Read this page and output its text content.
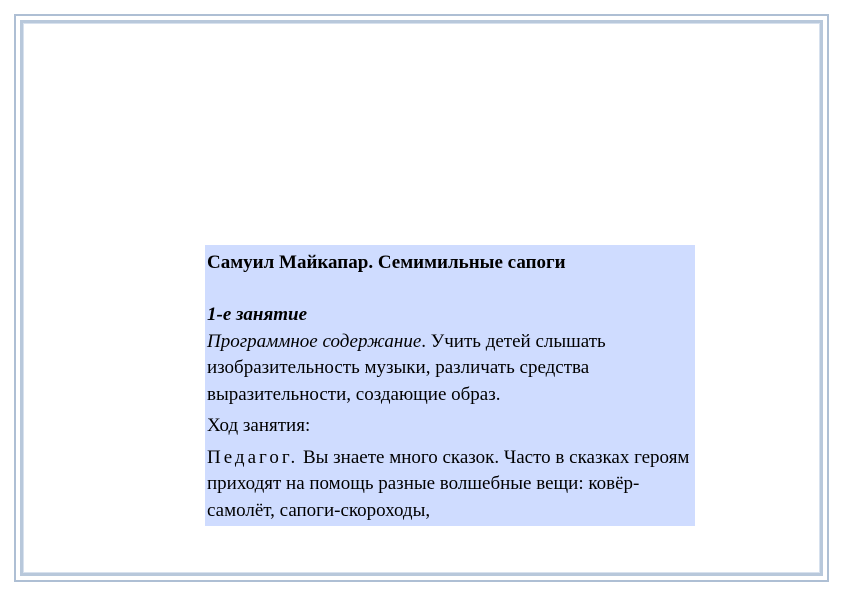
Самуил Майкапар. Семимильные сапоги

1-е занятие

Программное содержание. Учить детей слышать изобразительность музыки, различать средства выразительности, создающие образ.

Ход занятия:

Педагог. Вы знаете много сказок. Часто в сказках героям приходят на помощь разные волшебные вещи: ковёр-самолёт, сапоги-скороходы,
